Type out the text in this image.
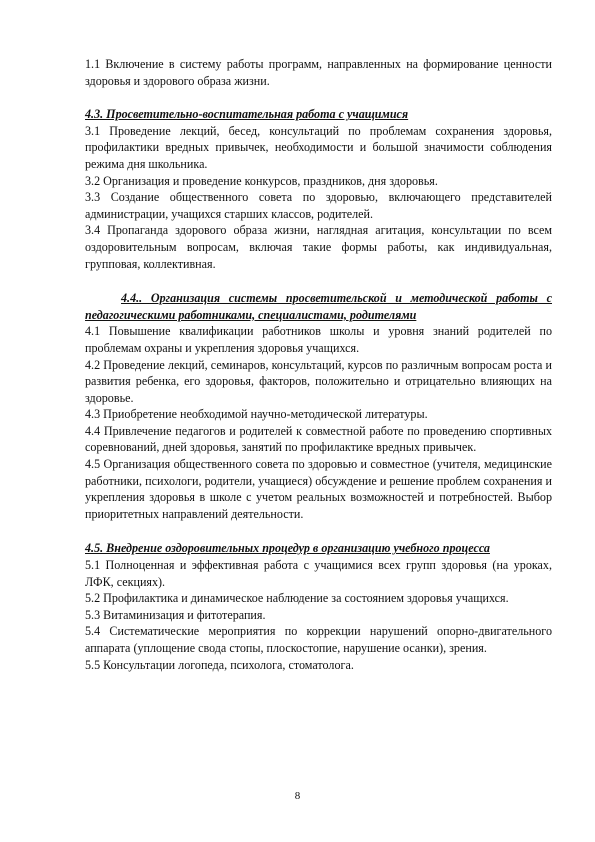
1.1 Включение в систему работы программ, направленных на формирование ценности здоровья и здорового образа жизни.

4.3. Просветительно-воспитательная работа с учащимися

3.1 Проведение лекций, бесед, консультаций по проблемам сохранения здоровья, профилактики вредных привычек, необходимости и большой значимости соблюдения режима дня школьника.

3.2 Организация и проведение конкурсов, праздников, дня здоровья.

3.3 Создание общественного совета по здоровью, включающего представителей администрации, учащихся старших классов, родителей.

3.4 Пропаганда здорового образа жизни, наглядная агитация, консультации по всем оздоровительным вопросам, включая такие формы работы, как индивидуальная, групповая, коллективная.

4.4.. Организация системы просветительской и методической работы с педагогическими работниками, специалистами, родителями

4.1 Повышение квалификации работников школы и уровня знаний родителей по проблемам охраны и укрепления здоровья учащихся.

4.2 Проведение лекций, семинаров, консультаций, курсов по различным вопросам роста и развития ребенка, его здоровья, факторов, положительно и отрицательно влияющих на здоровье.

4.3 Приобретение необходимой научно-методической литературы.

4.4 Привлечение педагогов и родителей к совместной работе по проведению спортивных соревнований, дней здоровья, занятий по профилактике вредных привычек.

4.5 Организация общественного совета по здоровью и совместное (учителя, медицинские работники, психологи, родители, учащиеся) обсуждение и решение проблем сохранения и укрепления здоровья в школе с учетом реальных возможностей и потребностей. Выбор приоритетных направлений деятельности.

4.5. Внедрение оздоровительных процедур в организацию учебного процесса

5.1 Полноценная и эффективная работа с учащимися всех групп здоровья (на уроках, ЛФК, секциях).

5.2 Профилактика и динамическое наблюдение за состоянием здоровья учащихся.

5.3 Витаминизация и фитотерапия.

5.4 Систематические мероприятия по коррекции нарушений опорно-двигательного аппарата (уплощение свода стопы, плоскостопие, нарушение осанки), зрения.

5.5 Консультации логопеда, психолога, стоматолога.

8
